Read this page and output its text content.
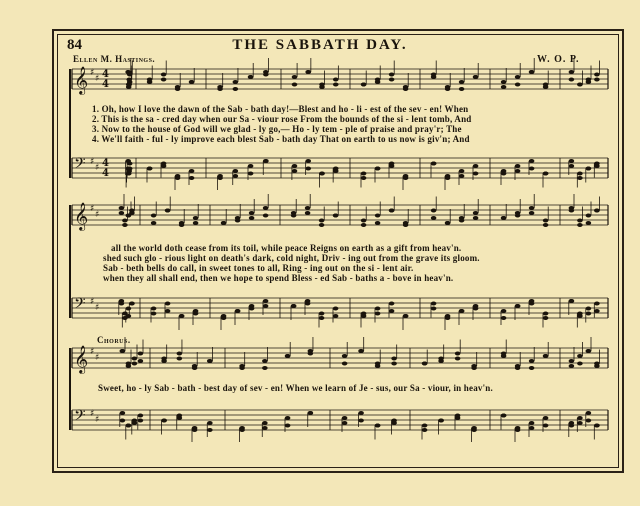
84	THE SABBATH DAY.
Ellen M. Hastings.	W. O. P.
𝄞 ♯
♯ 4
4
𝄢 ♯
♯ 4
4
𝄞 ♯
♯
𝄢 ♯
♯
𝄞 ♯
♯
𝄢 ♯
♯
1. Oh, how I love the dawn of the Sab - bath day!—Blest and ho - li - est of the sev - en! When
2. This is the sa - cred day when our Sa - viour rose From the bounds of the si - lent tomb, And
3. Now to the house of God will we glad - ly go,— Ho - ly tem - ple of praise and pray'r; The
4. We'll faith - ful - ly improve each blest Sab - bath day That on earth to us now is giv'n; And
all the world doth cease from its toil, while peace Reigns on earth as a gift from heav'n.
shed such glo - rious light on death's dark, cold night, Driv - ing out from the grave its gloom.
Sab - beth bells do call, in sweet tones to all, Ring - ing out on the si - lent air.
when they all shall end, then we hope to spend Bless - ed Sab - baths a - bove in heav'n.
Chorus.
Sweet, ho - ly Sab - bath - best day of sev - en! When we learn of Je - sus, our Sa - viour, in heav'n.
